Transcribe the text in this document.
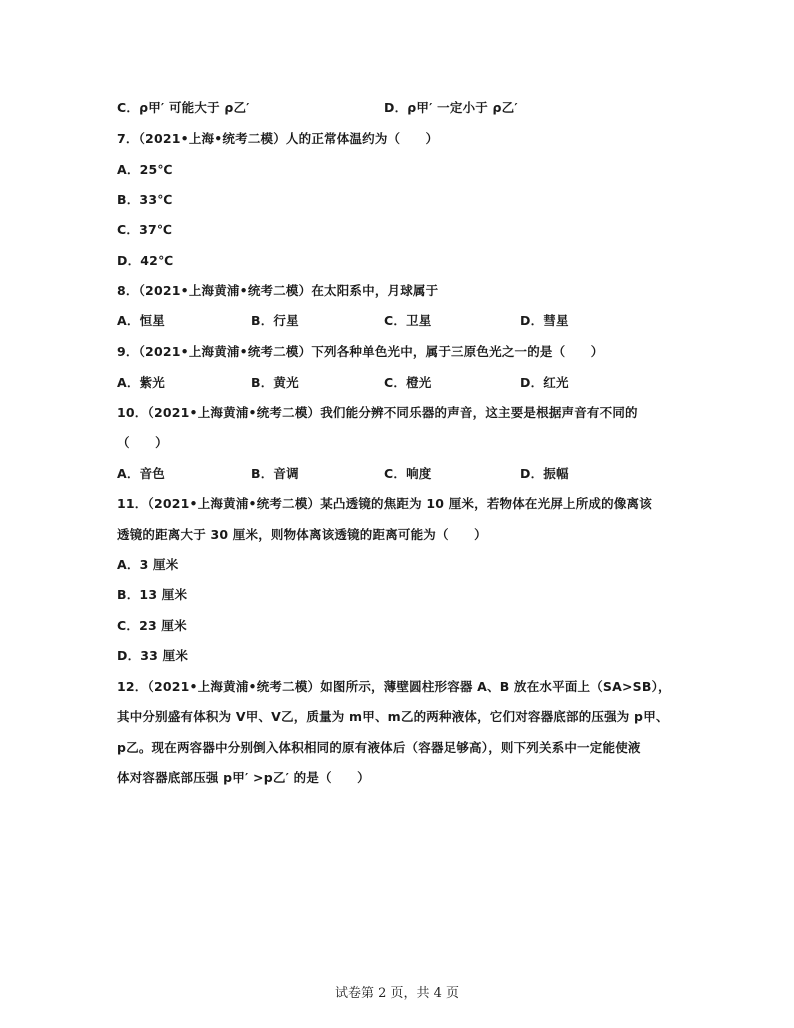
C．ρ甲′ 可能大于 ρ乙′	D．ρ甲′ 一定小于 ρ乙′
7．（2021•上海•统考二模）人的正常体温约为（　　）
A．25℃
B．33℃
C．37℃
D．42℃
8．（2021•上海黄浦•统考二模）在太阳系中，月球属于
A．恒星	B．行星	C．卫星	D．彗星
9．（2021•上海黄浦•统考二模）下列各种单色光中，属于三原色光之一的是（　　）
A．紫光	B．黄光	C．橙光	D．红光
10．（2021•上海黄浦•统考二模）我们能分辨不同乐器的声音，这主要是根据声音有不同的
（　　）
A．音色	B．音调	C．响度	D．振幅
11．（2021•上海黄浦•统考二模）某凸透镜的焦距为 10 厘米，若物体在光屏上所成的像离该
透镜的距离大于 30 厘米，则物体离该透镜的距离可能为（　　）
A．3 厘米
B．13 厘米
C．23 厘米
D．33 厘米
12．（2021•上海黄浦•统考二模）如图所示，薄壁圆柱形容器 A、B 放在水平面上（SA>SB），
其中分别盛有体积为 V甲、V乙，质量为 m甲、m乙的两种液体，它们对容器底部的压强为 p甲、
p乙。现在两容器中分别倒入体积相同的原有液体后（容器足够高），则下列关系中一定能使液
体对容器底部压强 p甲′ >p乙′ 的是（　　）
试卷第 2 页，共 4 页
